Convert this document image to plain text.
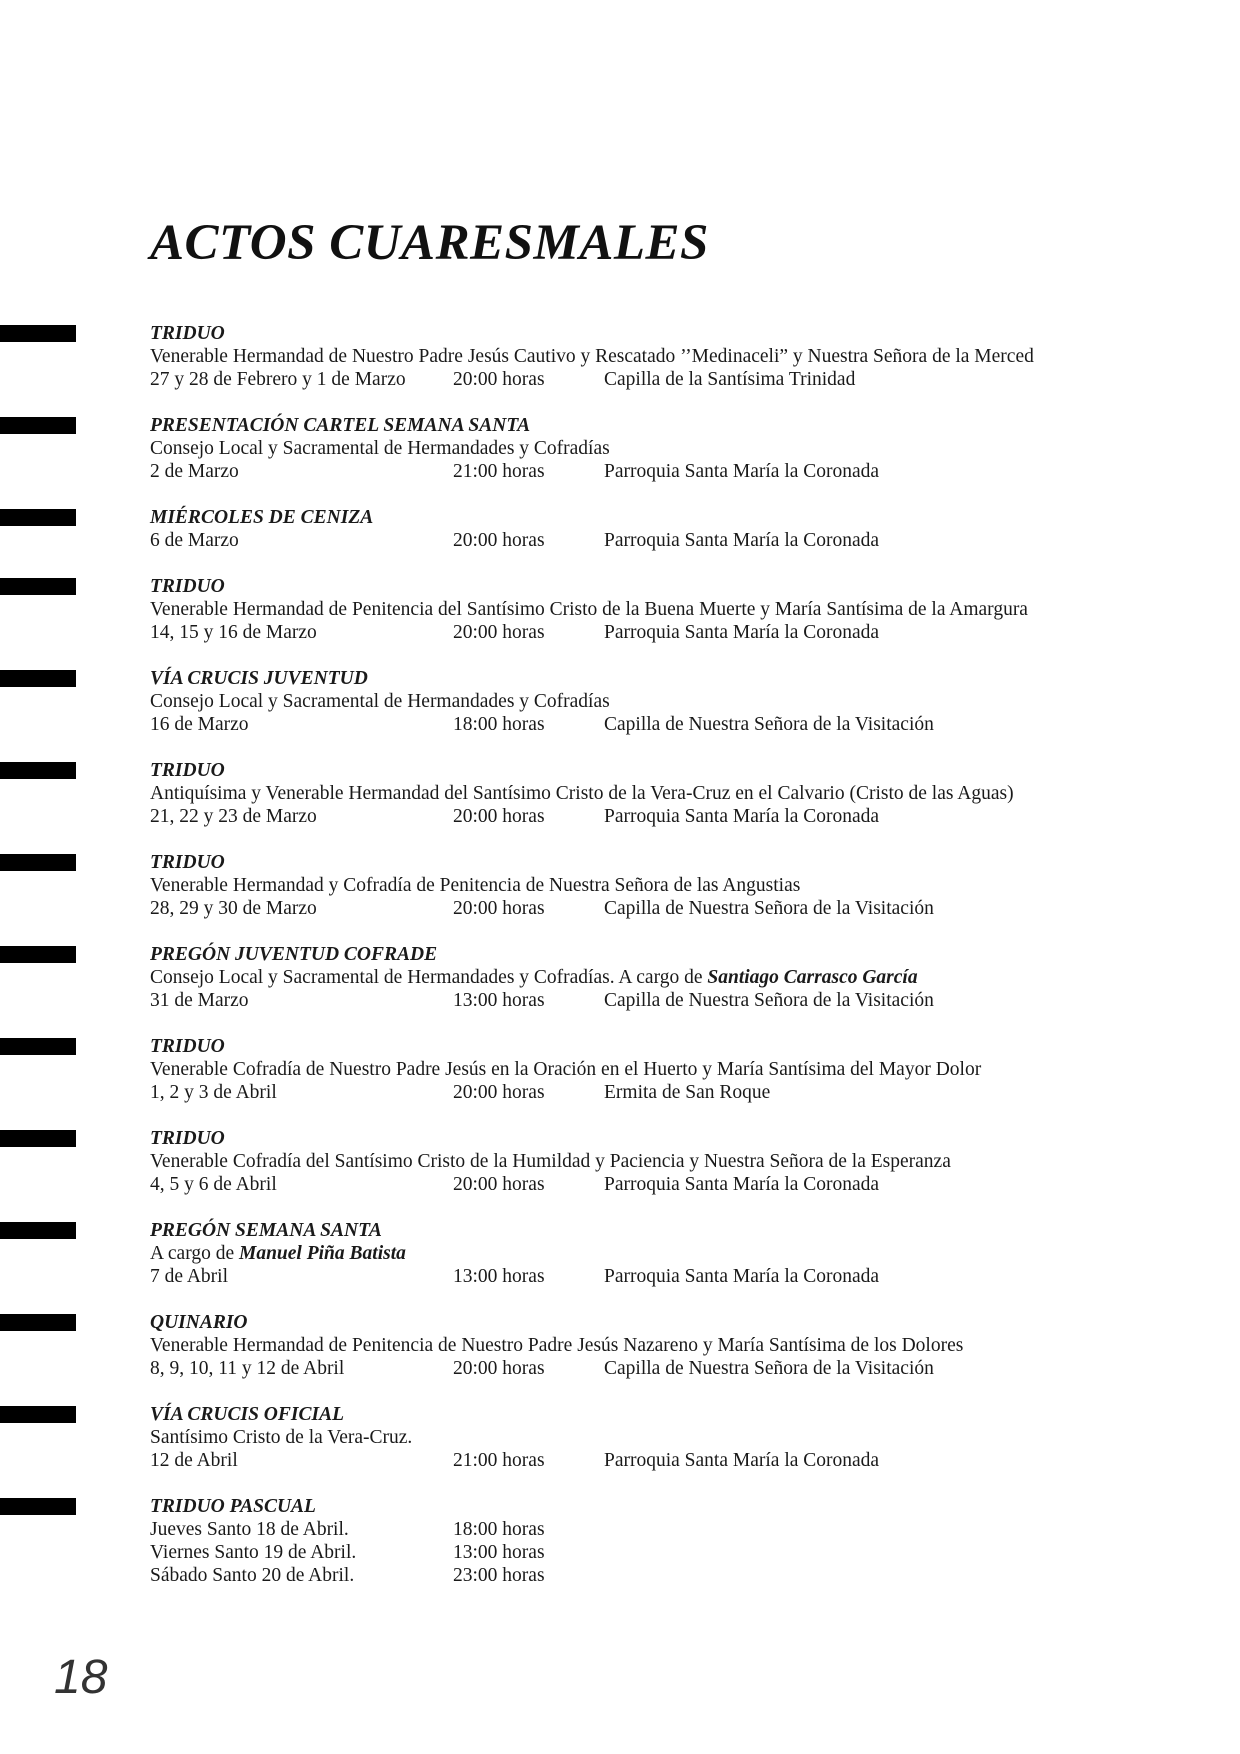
ACTOS CUARESMALES
TRIDUO
Venerable Hermandad de Nuestro Padre Jesús Cautivo y Rescatado ’’Medinaceli” y Nuestra Señora de la Merced
27 y 28 de Febrero y 1 de Marzo	20:00 horas	Capilla de la Santísima Trinidad
PRESENTACIÓN CARTEL SEMANA SANTA
Consejo Local y Sacramental de Hermandades y Cofradías
2 de Marzo	21:00 horas	Parroquia Santa María la Coronada
MIÉRCOLES DE CENIZA
6 de Marzo	20:00 horas	Parroquia Santa María la Coronada
TRIDUO
Venerable Hermandad de Penitencia del Santísimo Cristo de la Buena Muerte y María Santísima de la Amargura
14, 15 y 16 de Marzo	20:00 horas	Parroquia Santa María la Coronada
VÍA CRUCIS JUVENTUD
Consejo Local y Sacramental de Hermandades y Cofradías
16 de Marzo	18:00 horas	Capilla de Nuestra Señora de la Visitación
TRIDUO
Antiquísima y Venerable Hermandad del Santísimo Cristo de la Vera-Cruz en el Calvario (Cristo de las Aguas)
21, 22 y 23 de Marzo	20:00 horas	Parroquia Santa María la Coronada
TRIDUO
Venerable Hermandad y Cofradía de Penitencia de Nuestra Señora de las Angustias
28, 29 y 30 de Marzo	20:00 horas	Capilla de Nuestra Señora de la Visitación
PREGÓN JUVENTUD COFRADE
Consejo Local y Sacramental de Hermandades y Cofradías. A cargo de Santiago Carrasco García
31 de Marzo	13:00 horas	Capilla de Nuestra Señora de la Visitación
TRIDUO
Venerable Cofradía de Nuestro Padre Jesús en la Oración en el Huerto y María Santísima del Mayor Dolor
1, 2 y 3 de Abril	20:00 horas	Ermita de San Roque
TRIDUO
Venerable Cofradía del Santísimo Cristo de la Humildad y Paciencia y Nuestra Señora de la Esperanza
4, 5 y 6 de Abril	20:00 horas	Parroquia Santa María la Coronada
PREGÓN SEMANA SANTA
A cargo de Manuel Piña Batista
7 de Abril	13:00 horas	Parroquia Santa María la Coronada
QUINARIO
Venerable Hermandad de Penitencia de Nuestro Padre Jesús Nazareno y María Santísima de los Dolores
8, 9, 10, 11 y 12 de Abril	20:00 horas	Capilla de Nuestra Señora de la Visitación
VÍA CRUCIS OFICIAL
Santísimo Cristo de la Vera-Cruz.
12 de Abril	21:00 horas	Parroquia Santa María la Coronada
TRIDUO PASCUAL
Jueves Santo 18 de Abril.	18:00 horas
Viernes Santo 19 de Abril.	13:00 horas
Sábado Santo 20 de Abril.	23:00 horas
18
